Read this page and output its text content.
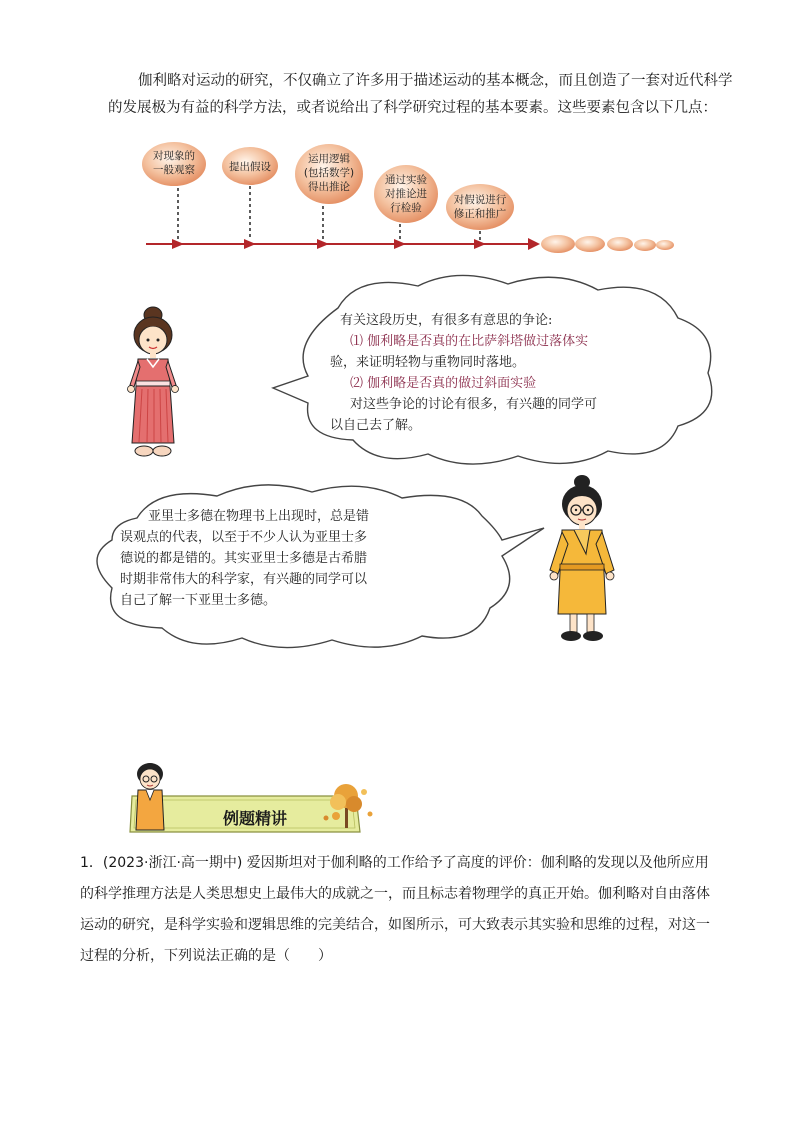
伽利略对运动的研究，不仅确立了许多用于描述运动的基本概念，而且创造了一套对近代科学
的发展极为有益的科学方法，或者说给出了科学研究过程的基本要素。这些要素包含以下几点：
对现象的
一般观察	提出假设
运用逻辑
(包括数学)
得出推论
通过实验
对推论进
行检验
对假说进行
修正和推广
有关这段历史，有很多有意思的争论:
⑴ 伽利略是否真的在比萨斜塔做过落体实
验，来证明轻物与重物同时落地。
⑵ 伽利略是否真的做过斜面实验
对这些争论的讨论有很多，有兴趣的同学可
以自己去了解。
亚里士多德在物理书上出现时，总是错
误观点的代表，以至于不少人认为亚里士多
德说的都是错的。其实亚里士多德是古希腊
时期非常伟大的科学家，有兴趣的同学可以
自己了解一下亚里士多德。
例题精讲
1．(2023·浙江·高一期中) 爱因斯坦对于伽利略的工作给予了高度的评价：伽利略的发现以及他所应用
的科学推理方法是人类思想史上最伟大的成就之一，而且标志着物理学的真正开始。伽利略对自由落体
运动的研究，是科学实验和逻辑思维的完美结合，如图所示，可大致表示其实验和思维的过程，对这一
过程的分析，下列说法正确的是（　　）
